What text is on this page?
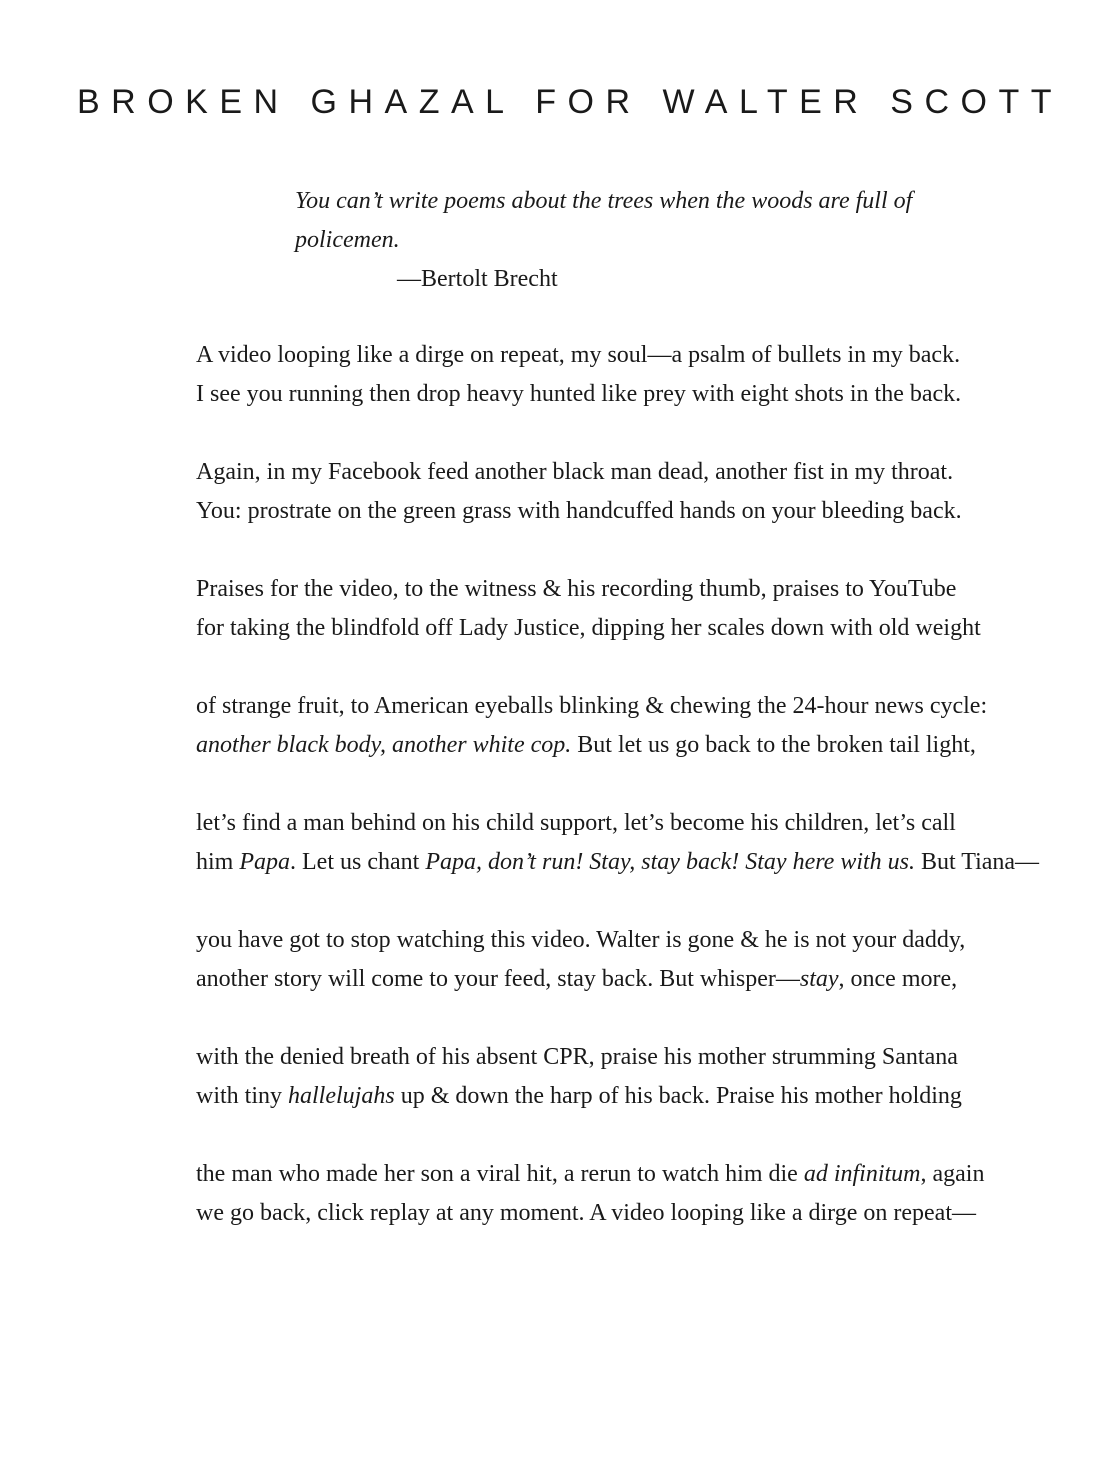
BROKEN GHAZAL FOR WALTER SCOTT
You can’t write poems about the trees when the woods are full of
policemen.
—Bertolt Brecht
A video looping like a dirge on repeat, my soul—a psalm of bullets in my back.
I see you running then drop heavy hunted like prey with eight shots in the back.
Again, in my Facebook feed another black man dead, another fist in my throat.
You: prostrate on the green grass with handcuffed hands on your bleeding back.
Praises for the video, to the witness & his recording thumb, praises to YouTube
for taking the blindfold off Lady Justice, dipping her scales down with old weight
of strange fruit, to American eyeballs blinking & chewing the 24-hour news cycle:
another black body, another white cop. But let us go back to the broken tail light,
let’s find a man behind on his child support, let’s become his children, let’s call
him Papa. Let us chant Papa, don’t run! Stay, stay back! Stay here with us. But Tiana—
you have got to stop watching this video. Walter is gone & he is not your daddy,
another story will come to your feed, stay back. But whisper—stay, once more,
with the denied breath of his absent CPR, praise his mother strumming Santana
with tiny hallelujahs up & down the harp of his back. Praise his mother holding
the man who made her son a viral hit, a rerun to watch him die ad infinitum, again
we go back, click replay at any moment. A video looping like a dirge on repeat—
